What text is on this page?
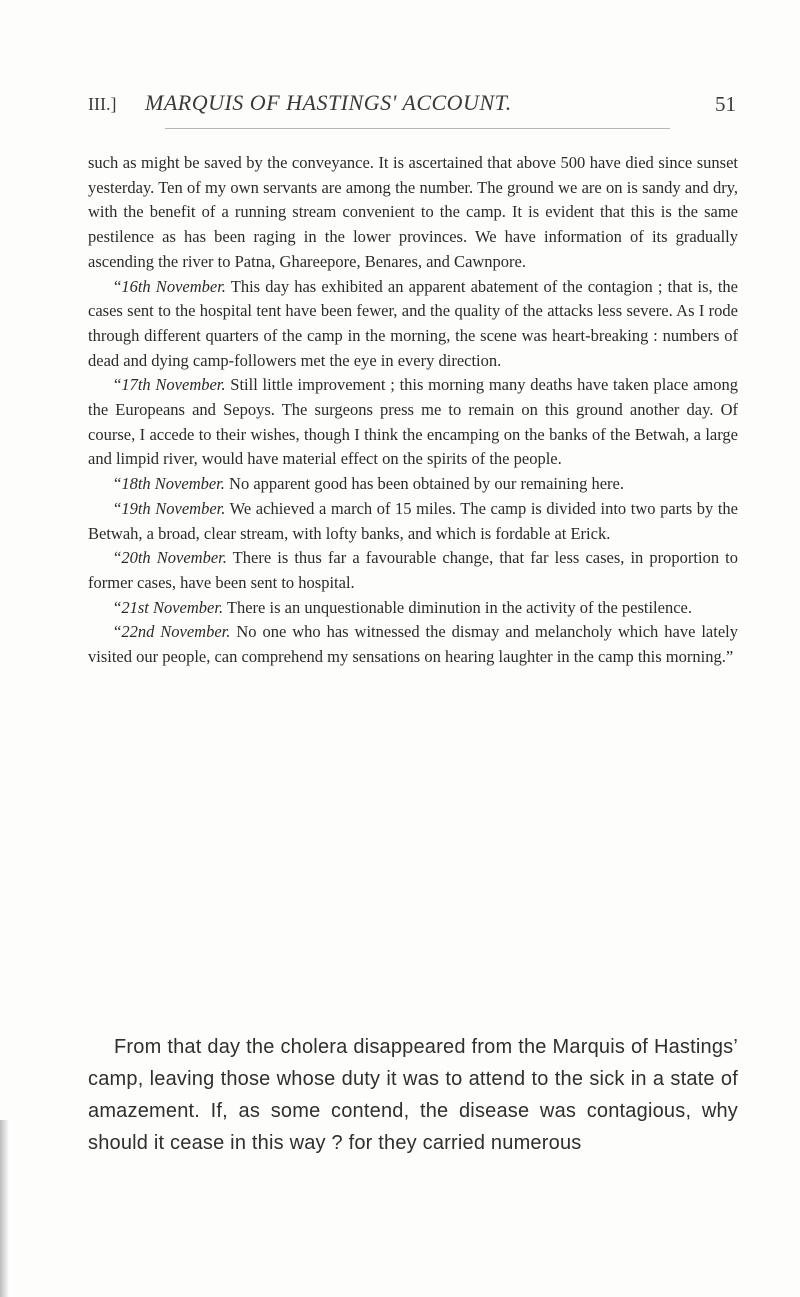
III.] MARQUIS OF HASTINGS' ACCOUNT.	51

such as might be saved by the conveyance. It is ascertained that above 500 have died since sunset yesterday. Ten of my own servants are among the number. The ground we are on is sandy and dry, with the benefit of a running stream convenient to the camp. It is evident that this is the same pestilence as has been raging in the lower provinces. We have information of its gradually ascending the river to Patna, Ghareepore, Benares, and Cawnpore.

“16th November. This day has exhibited an apparent abatement of the contagion ; that is, the cases sent to the hospital tent have been fewer, and the quality of the attacks less severe. As I rode through different quarters of the camp in the morning, the scene was heart-breaking : numbers of dead and dying camp-followers met the eye in every direction.

“17th November. Still little improvement ; this morning many deaths have taken place among the Europeans and Sepoys. The surgeons press me to remain on this ground another day. Of course, I accede to their wishes, though I think the encamping on the banks of the Betwah, a large and limpid river, would have material effect on the spirits of the people.

“18th November. No apparent good has been obtained by our remaining here.

“19th November. We achieved a march of 15 miles. The camp is divided into two parts by the Betwah, a broad, clear stream, with lofty banks, and which is fordable at Erick.

“20th November. There is thus far a favourable change, that far less cases, in proportion to former cases, have been sent to hospital.

“21st November. There is an unquestionable diminution in the activity of the pestilence.

“22nd November. No one who has witnessed the dismay and melancholy which have lately visited our people, can comprehend my sensations on hearing laughter in the camp this morning.”

From that day the cholera disappeared from the Marquis of Hastings’ camp, leaving those whose duty it was to attend to the sick in a state of amazement. If, as some contend, the disease was contagious, why should it cease in this way ? for they carried numerous
